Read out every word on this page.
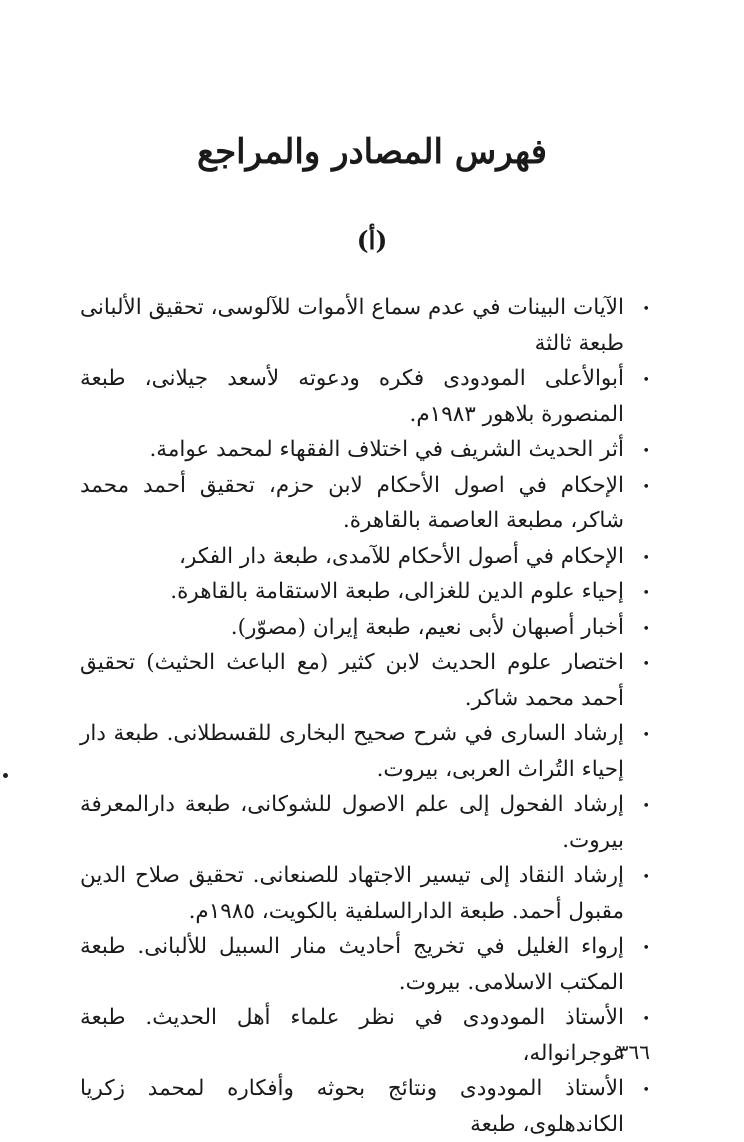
فهرس المصادر والمراجع
(أ)
•
الآيات البينات في عدم سماع الأموات للآلوسى، تحقيق الألبانى طبعة ثالثة
•
أبوالأعلى المودودى فكره ودعوته لأسعد جيلانى، طبعة المنصورة بلاهور ١٩٨٣م.
•
أثر الحديث الشريف في اختلاف الفقهاء لمحمد عوامة.
•
الإحكام في اصول الأحكام لابن حزم، تحقيق أحمد محمد شاكر، مطبعة العاصمة بالقاهرة.
•
الإحكام في أصول الأحكام للآمدى، طبعة دار الفكر،
•
إحياء علوم الدين للغزالى، طبعة الاستقامة بالقاهرة.
•
أخبار أصبهان لأبى نعيم، طبعة إيران (مصوّر).
•
اختصار علوم الحديث لابن كثير (مع الباعث الحثيث) تحقيق أحمد محمد شاكر.
•
إرشاد السارى في شرح صحيح البخارى للقسطلانى. طبعة دار إحياء التُراث العربى، بيروت.
•
إرشاد الفحول إلى علم الاصول للشوكانى، طبعة دارالمعرفة بيروت.
•
إرشاد النقاد إلى تيسير الاجتهاد للصنعانى. تحقيق صلاح الدين مقبول أحمد. طبعة الدارالسلفية بالكويت، ١٩٨٥م.
•
إرواء الغليل في تخريج أحاديث منار السبيل للألبانى. طبعة المكتب الاسلامى. بيروت.
•
الأستاذ المودودى في نظر علماء أهل الحديث. طبعة غوجرانواله،
•
الأستاذ المودودى ونتائج بحوثه وأفكاره لمحمد زكريا الكاندهلوى، طبعة
٣٦٦
